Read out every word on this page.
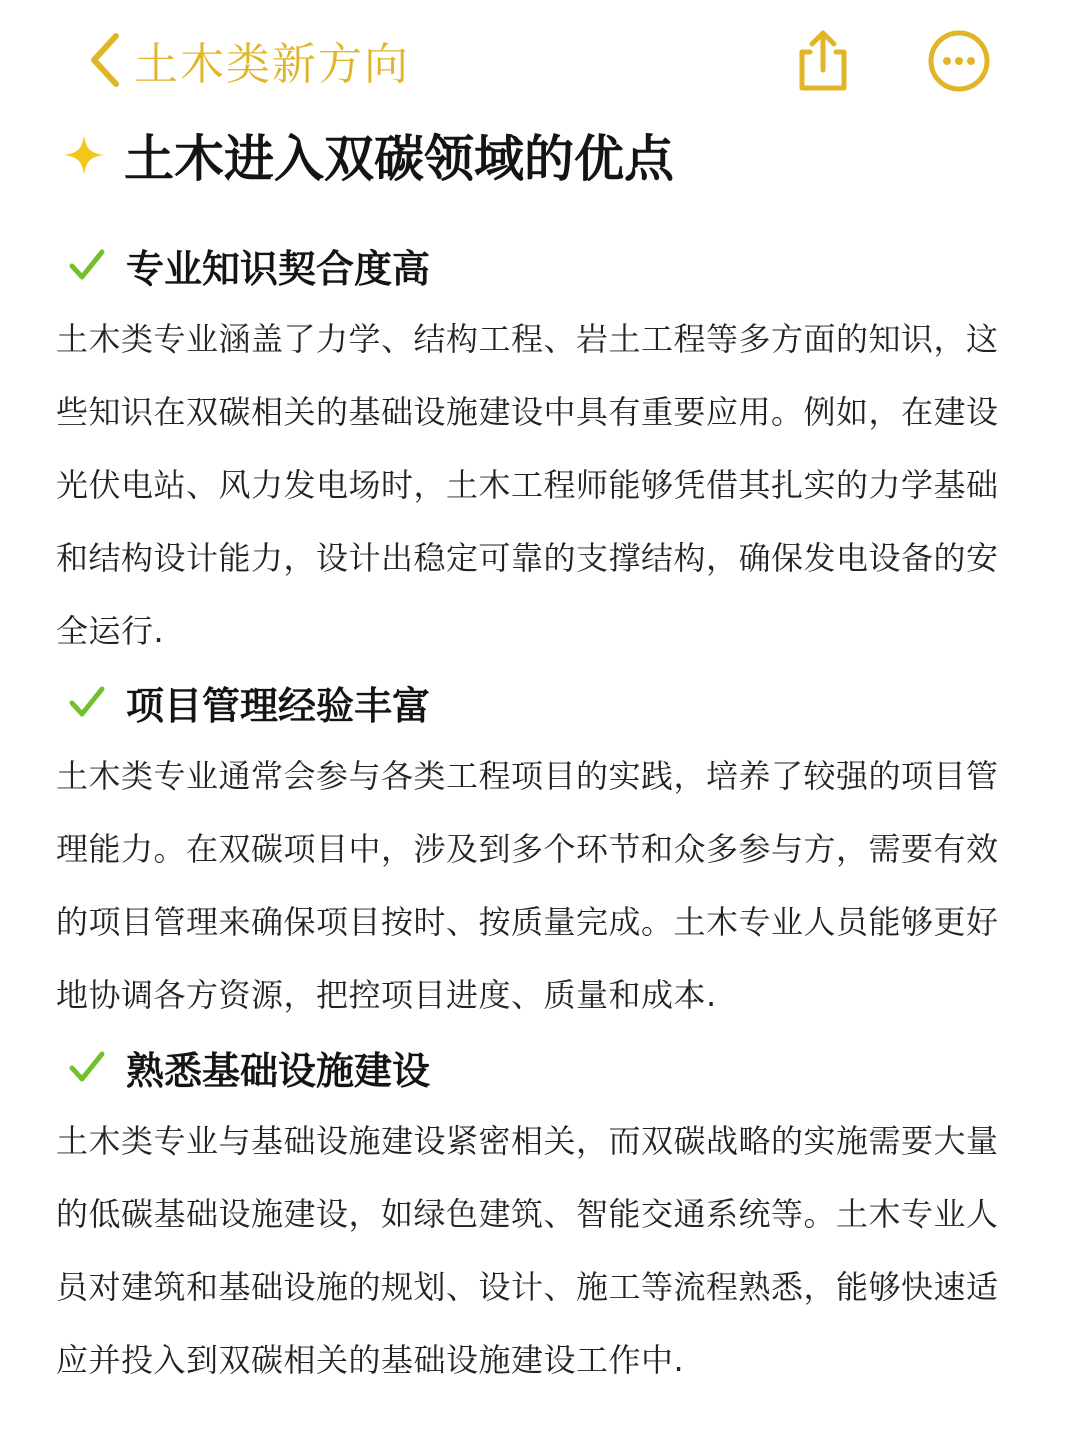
土木类新方向
土木进入双碳领域的优点
专业知识契合度高

土木类专业涵盖了力学、结构工程、岩土工程等多方面的知识，这些知识在双碳相关的基础设施建设中具有重要应用。例如，在建设光伏电站、风力发电场时，土木工程师能够凭借其扎实的力学基础和结构设计能力，设计出稳定可靠的支撑结构，确保发电设备的安全运行.

项目管理经验丰富

土木类专业通常会参与各类工程项目的实践，培养了较强的项目管理能力。在双碳项目中，涉及到多个环节和众多参与方，需要有效的项目管理来确保项目按时、按质量完成。土木专业人员能够更好地协调各方资源，把控项目进度、质量和成本.

熟悉基础设施建设

土木类专业与基础设施建设紧密相关，而双碳战略的实施需要大量的低碳基础设施建设，如绿色建筑、智能交通系统等。土木专业人员对建筑和基础设施的规划、设计、施工等流程熟悉，能够快速适应并投入到双碳相关的基础设施建设工作中.
